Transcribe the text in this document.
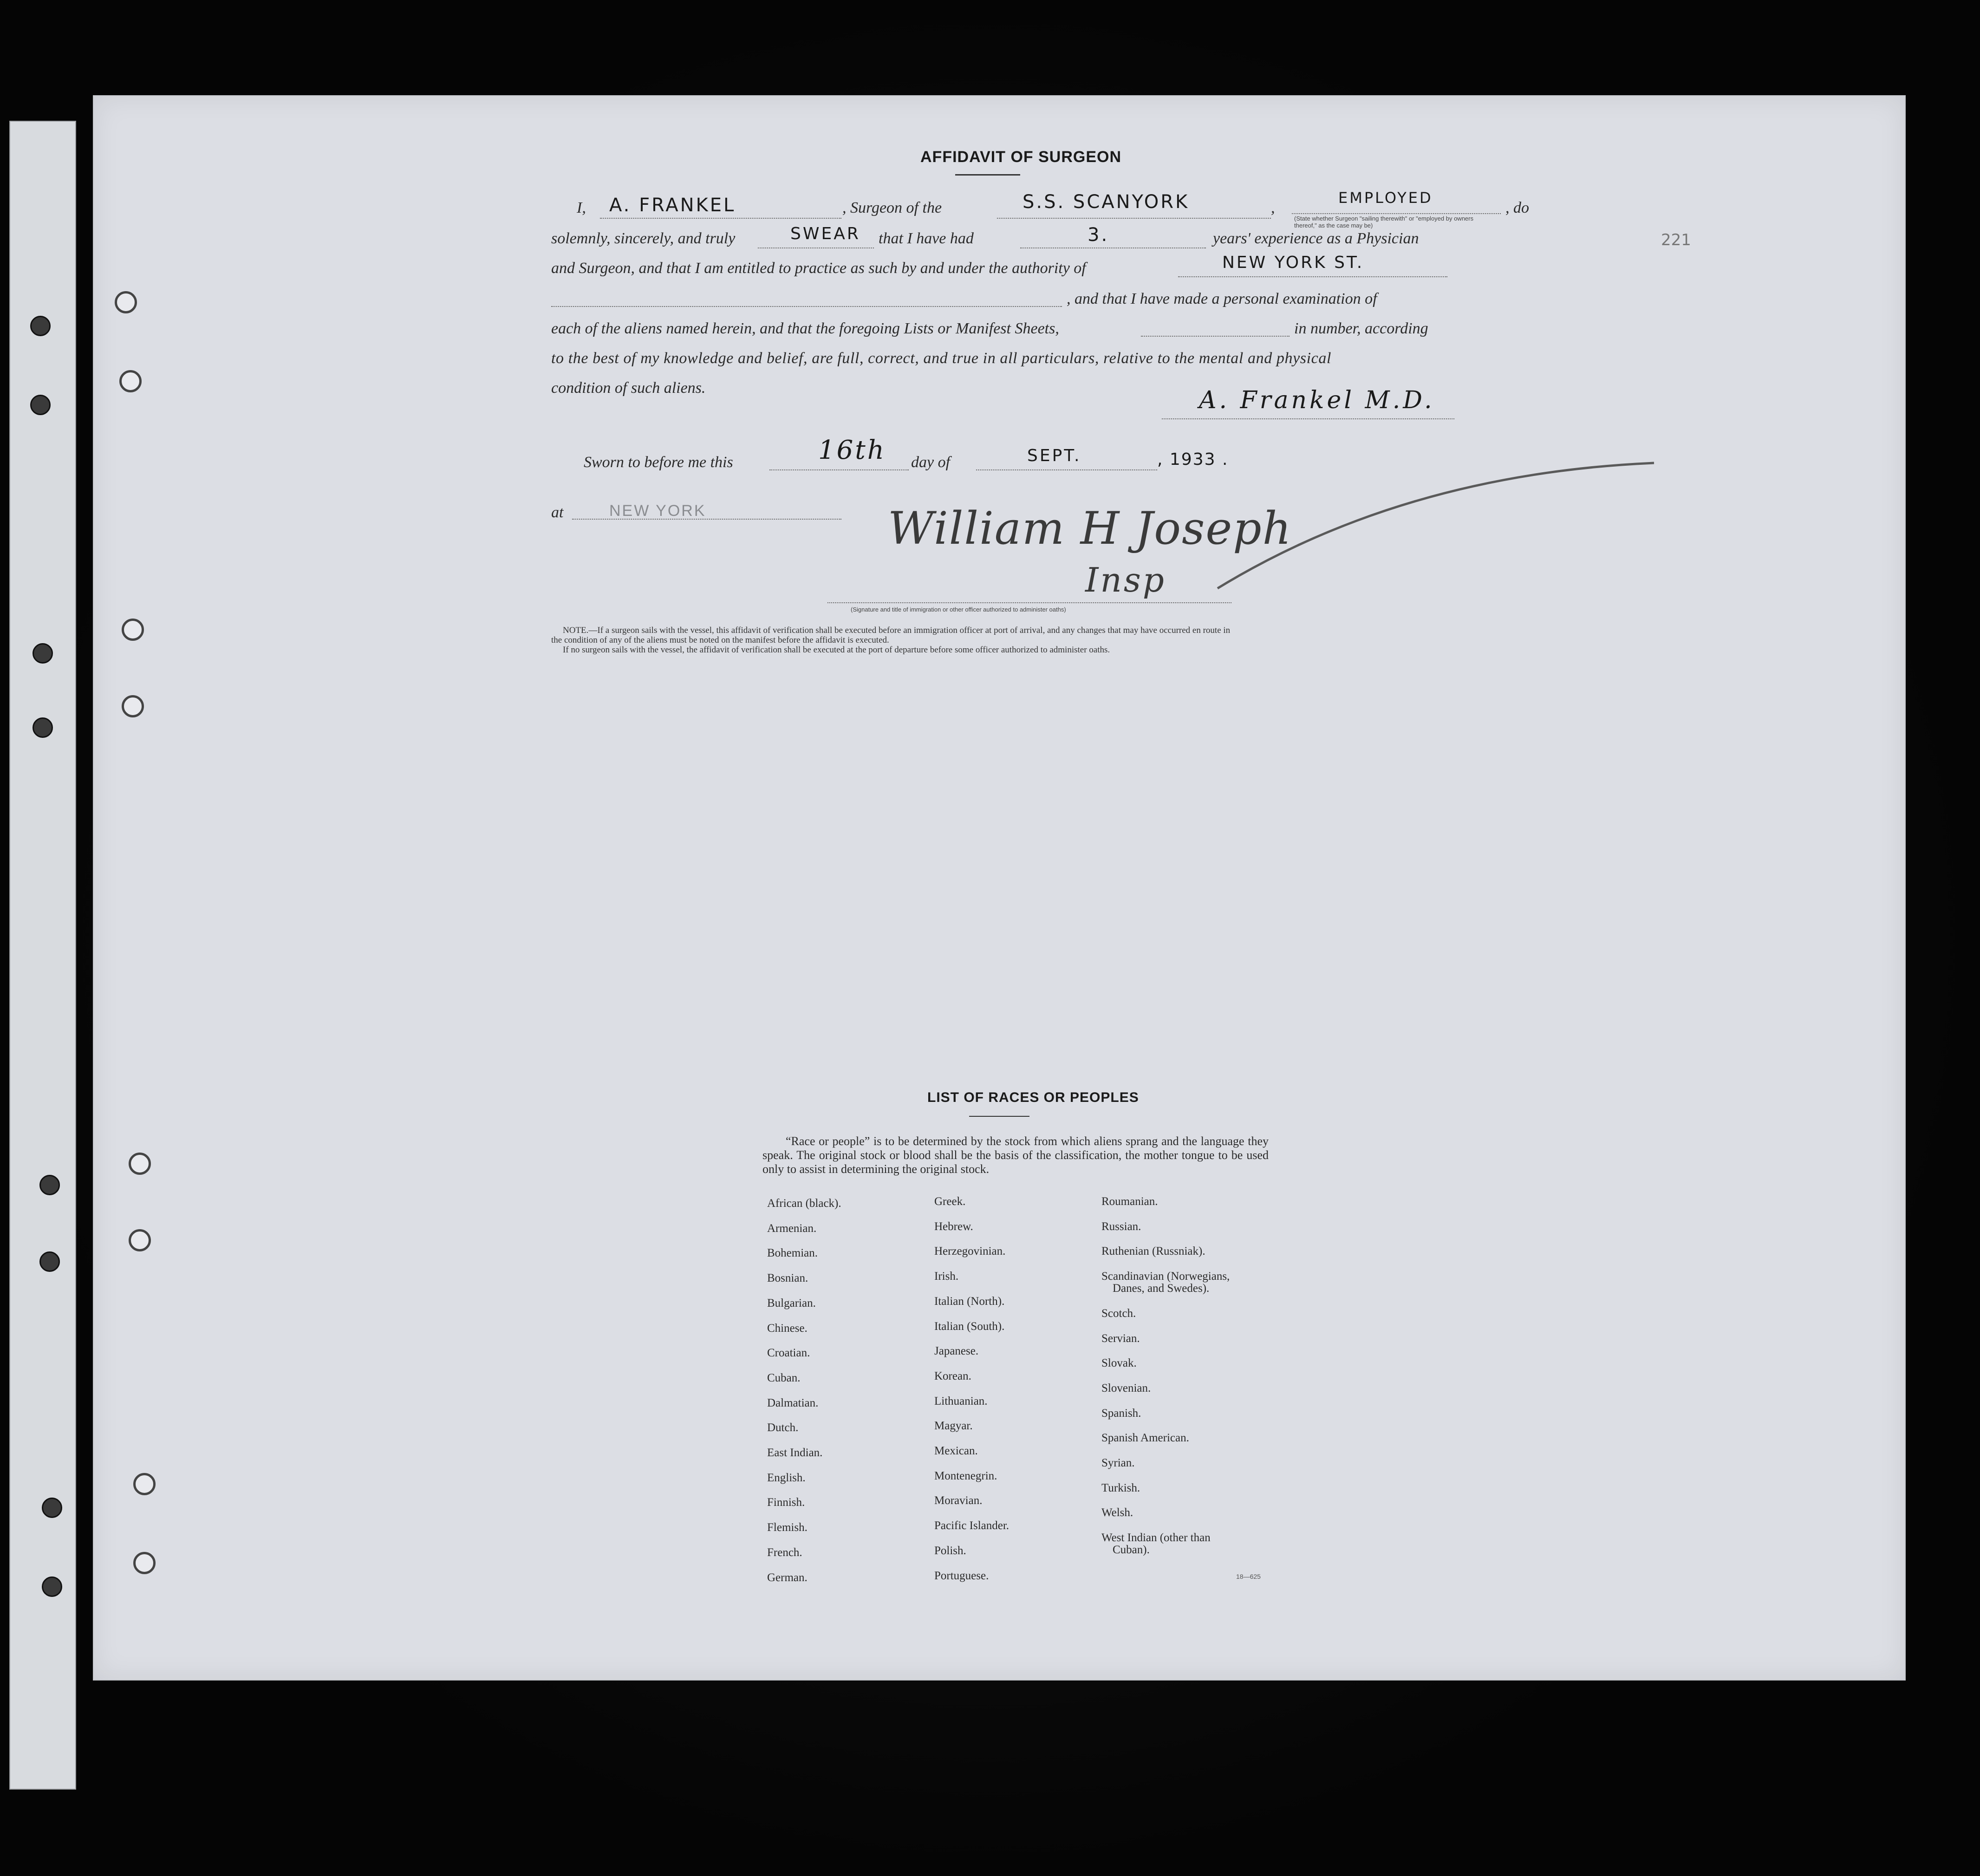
221
AFFIDAVIT OF SURGEON
I, A. FRANKEL	, Surgeon of the	S.S. SCANYORK	,
EMPLOYED
, do
(State whether Surgeon "sailing therewith" or "employed by owners thereof," as the case may be)
solemnly, sincerely, and truly	SWEAR that I have had	3.	years' experience as a Physician
and Surgeon, and that I am entitled to practice as such by and under the authority of	NEW YORK ST.
, and that I have made a personal examination of
each of the aliens named herein, and that the foregoing Lists or Manifest Sheets,	in number, according
to the best of my knowledge and belief, are full, correct, and true in all particulars, relative to the mental and physical
condition of such aliens.	A. Frankel M.D.
Sworn to before me this	16th day of	SEPT.	, 1933 .
at	NEW YORK	William H Joseph
Insp
(Signature and title of immigration or other officer authorized to administer oaths)
NOTE.—If a surgeon sails with the vessel, this affidavit of verification shall be executed before an immigration officer at port of arrival, and any changes that may have occurred en route in
the condition of any of the aliens must be noted on the manifest before the affidavit is executed.
If no surgeon sails with the vessel, the affidavit of verification shall be executed at the port of departure before some officer authorized to administer oaths.
LIST OF RACES OR PEOPLES
“Race or people” is to be determined by the stock from which aliens sprang and the language they speak. The original stock or blood shall be the basis of the classification, the mother tongue to be used only to assist in determining the original stock.
African (black).
Armenian.
Bohemian.
Bosnian.
Bulgarian.
Chinese.
Croatian.
Cuban.
Dalmatian.
Dutch.
East Indian.
English.
Finnish.
Flemish.
French.
German.
Greek.
Hebrew.
Herzegovinian.
Irish.
Italian (North).
Italian (South).
Japanese.
Korean.
Lithuanian.
Magyar.
Mexican.
Montenegrin.
Moravian.
Pacific Islander.
Polish.
Portuguese.
Roumanian.
Russian.
Ruthenian (Russniak).
Scandinavian (Norwegians,
Danes, and Swedes).
Scotch.
Servian.
Slovak.
Slovenian.
Spanish.
Spanish American.
Syrian.
Turkish.
Welsh.
West Indian (other than
Cuban).
18—625
